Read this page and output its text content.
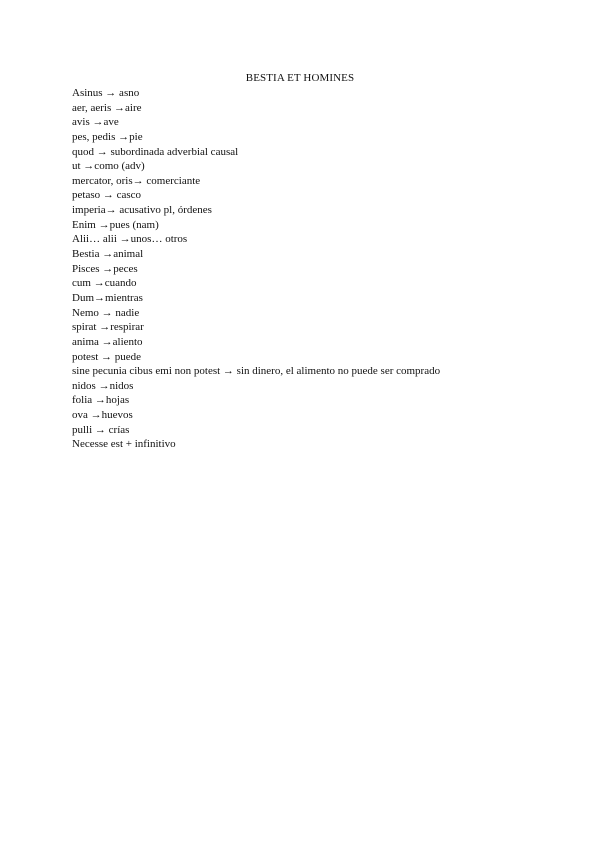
BESTIA ET HOMINES
Asinus → asno
aer, aeris →aire
avis →ave
pes, pedis →pie
quod → subordinada adverbial causal
ut →como (adv)
mercator, oris→ comerciante
petaso → casco
imperia→ acusativo pl, órdenes
Enim →pues (nam)
Alii… alii →unos… otros
Bestia →animal
Pisces →peces
cum →cuando
Dum→mientras
Nemo → nadie
spirat →respirar
anima →aliento
potest → puede
sine pecunia cibus emi non potest → sin dinero, el alimento no puede ser comprado
nidos →nidos
folia →hojas
ova →huevos
pulli → crías
Necesse est + infinitivo
